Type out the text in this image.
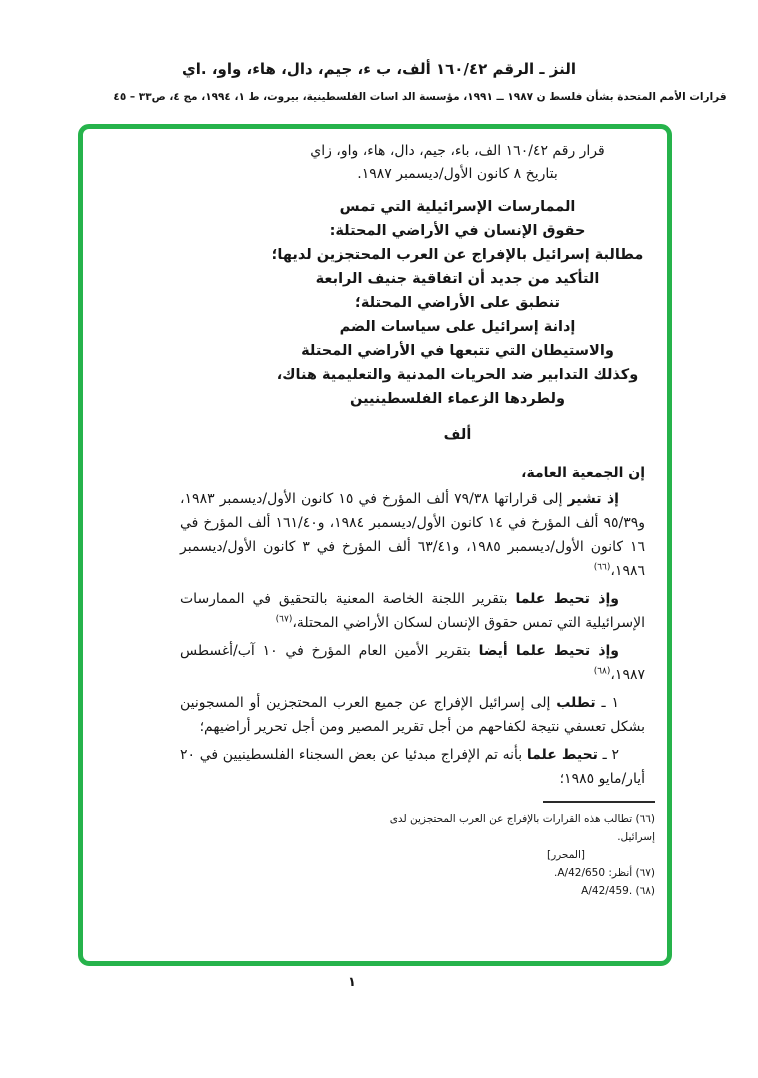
النز ـ الرقم ١٦٠/٤٢ ألف، ب ء، جيم، دال، هاء، واو، .اي
قرارات الأمم المتحدة بشأن فلسط ن ١٩٨٧ ــ ١٩٩١، مؤسسة الد اسات الفلسطينية، بيروت، ط ١، ١٩٩٤، مج ٤، ص٣٣ – ٤٥
قرار رقم ١٦٠/٤٢ الف، باء، جيم، دال، هاء، واو، زاي
بتاريخ ٨ كانون الأول/ديسمبر ١٩٨٧.
الممارسات الإسرائيلية التي تمس
حقوق الإنسان في الأراضي المحتلة:
مطالبة إسرائيل بالإفراج عن العرب المحتجزين لديها؛
التأكيد من جديد أن اتفاقية جنيف الرابعة
تنطبق على الأراضي المحتلة؛
إدانة إسرائيل على سياسات الضم
والاستيطان التي تتبعها في الأراضي المحتلة
وكذلك التدابير ضد الحريات المدنية والتعليمية هناك،
ولطردها الزعماء الفلسطينيين
ألف
إن الجمعية العامة،

إذ تشير إلى قراراتها ٧٩/٣٨ ألف المؤرخ في ١٥ كانون الأول/ديسمبر ١٩٨٣، و٩٥/٣٩ ألف المؤرخ في ١٤ كانون الأول/ديسمبر ١٩٨٤، و١٦١/٤٠ ألف المؤرخ في ١٦ كانون الأول/ديسمبر ١٩٨٥، و٦٣/٤١ ألف المؤرخ في ٣ كانون الأول/ديسمبر ١٩٨٦،$^{(٦٦)}$

وإذ تحيط علما بتقرير اللجنة الخاصة المعنية بالتحقيق في الممارسات الإسرائيلية التي تمس حقوق الإنسان لسكان الأراضي المحتلة،$^{(٦٧)}$

وإذ تحيط علما أيضا بتقرير الأمين العام المؤرخ في ١٠ آب/أغسطس ١٩٨٧،$^{(٦٨)}$

١ ـ تطلب إلى إسرائيل الإفراج عن جميع العرب المحتجزين أو المسجونين بشكل تعسفي نتيجة لكفاحهم من أجل تقرير المصير ومن أجل تحرير أراضيهم؛

٢ ـ تحيط علما بأنه تم الإفراج مبدئيا عن بعض السجناء الفلسطينيين في ٢٠ أيار/مايو ١٩٨٥؛

(٦٦) تطالب هذه القرارات بالإفراج عن العرب المحتجزين لدى إسرائيل.
[المحرر]
(٦٧) أنظر: A/42/650.
(٦٨) A/42/459.‎
١
